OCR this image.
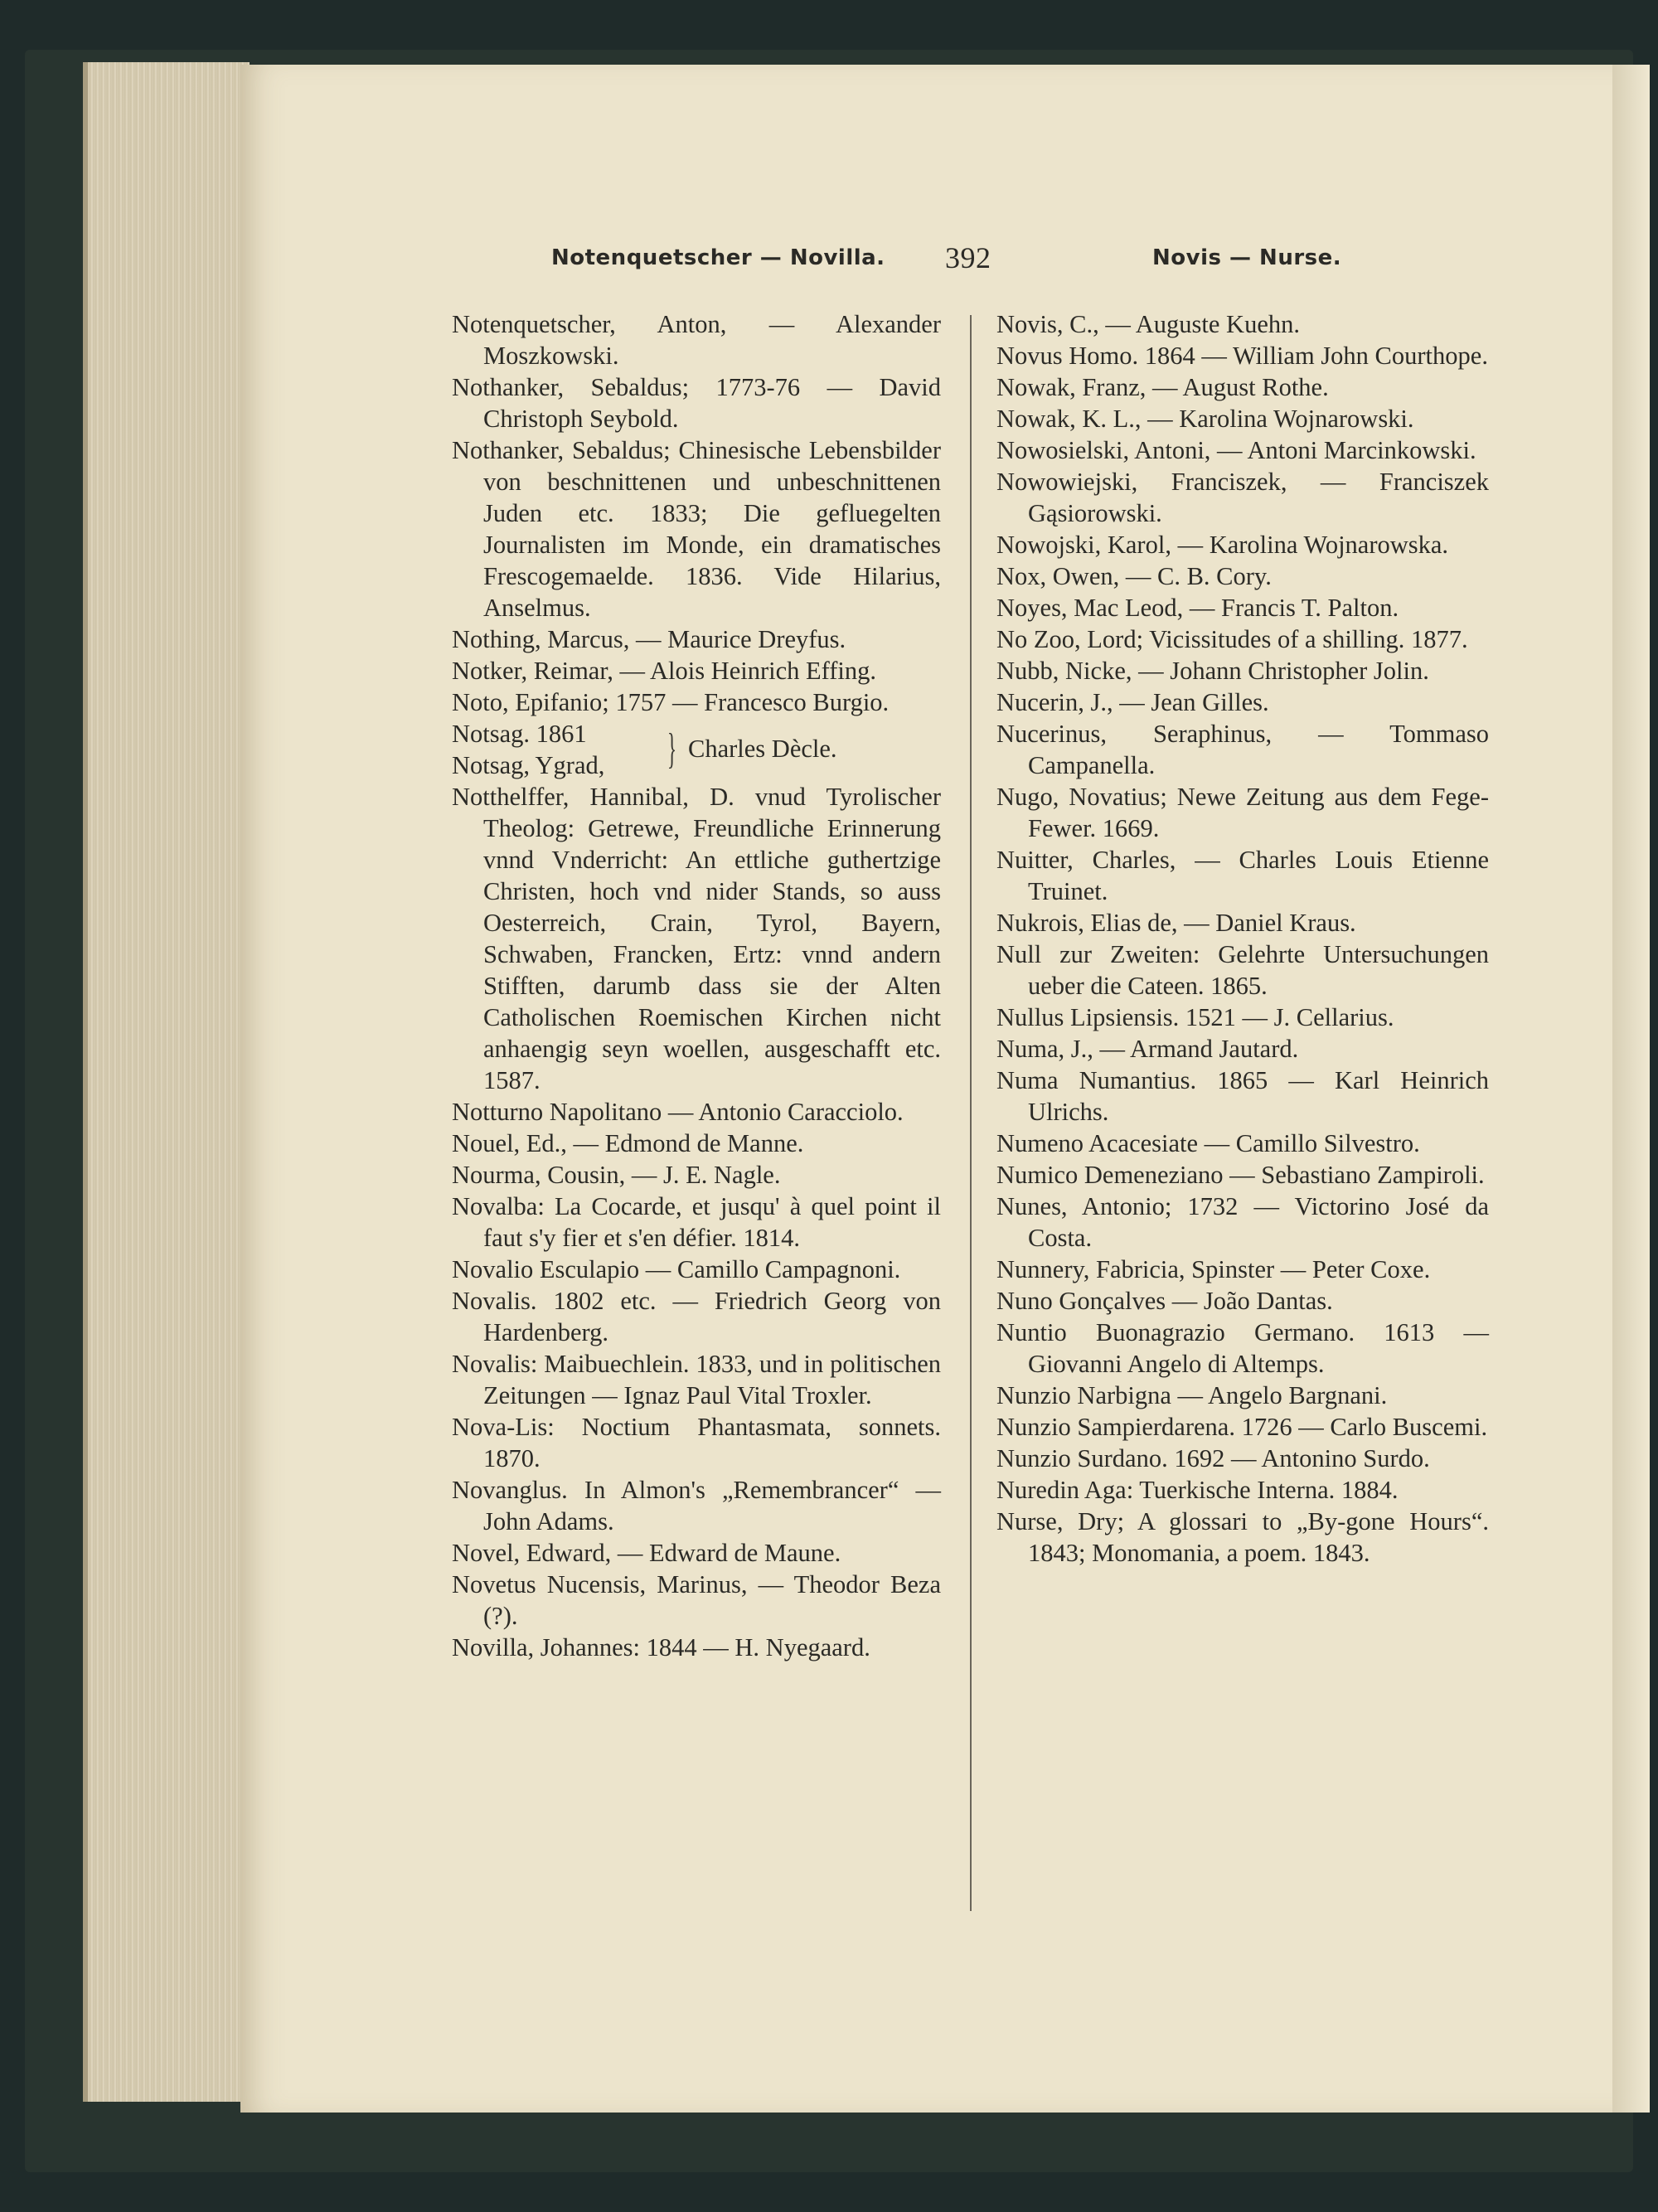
Notenquetscher — Novilla. 392	Novis — Nurse.

Notenquetscher, Anton, — Alexander Moszkowski.

Nothanker, Sebaldus; 1773-76 — David Christoph Seybold.

Nothanker, Sebaldus; Chinesische Lebensbilder von beschnittenen und unbeschnittenen Juden etc. 1833; Die gefluegelten Journalisten im Monde, ein dramatisches Frescogemaelde. 1836. Vide Hilarius, Anselmus.

Nothing, Marcus, — Maurice Dreyfus.

Notker, Reimar, — Alois Heinrich Effing.

Noto, Epifanio; 1757 — Francesco Burgio.

Notsag. 1861
Notsag, Ygrad, } Charles Dècle.

Notthelffer, Hannibal, D. vnud Tyrolischer Theolog: Getrewe, Freundliche Erinnerung vnnd Vnderricht: An ettliche guthertzige Christen, hoch vnd nider Stands, so auss Oesterreich, Crain, Tyrol, Bayern, Schwaben, Francken, Ertz: vnnd andern Stifften, darumb dass sie der Alten Catholischen Roemischen Kirchen nicht anhaengig seyn woellen, ausgeschafft etc. 1587.

Notturno Napolitano — Antonio Caracciolo.

Nouel, Ed., — Edmond de Manne.

Nourma, Cousin, — J. E. Nagle.

Novalba: La Cocarde, et jusqu' à quel point il faut s'y fier et s'en défier. 1814.

Novalio Esculapio — Camillo Campagnoni.

Novalis. 1802 etc. — Friedrich Georg von Hardenberg.

Novalis: Maibuechlein. 1833, und in politischen Zeitungen — Ignaz Paul Vital Troxler.

Nova-Lis: Noctium Phantasmata, sonnets. 1870.

Novanglus. In Almon's „Remembrancer“ — John Adams.

Novel, Edward, — Edward de Maune.

Novetus Nucensis, Marinus, — Theodor Beza (?).

Novilla, Johannes: 1844 — H. Nyegaard.

Novis, C., — Auguste Kuehn.

Novus Homo. 1864 — William John Courthope.

Nowak, Franz, — August Rothe.

Nowak, K. L., — Karolina Wojnarowski.

Nowosielski, Antoni, — Antoni Marcinkowski.

Nowowiejski, Franciszek, — Franciszek Gąsiorowski.

Nowojski, Karol, — Karolina Wojnarowska.

Nox, Owen, — C. B. Cory.

Noyes, Mac Leod, — Francis T. Palton.

No Zoo, Lord; Vicissitudes of a shilling. 1877.

Nubb, Nicke, — Johann Christopher Jolin.

Nucerin, J., — Jean Gilles.

Nucerinus, Seraphinus, — Tommaso Campanella.

Nugo, Novatius; Newe Zeitung aus dem Fege-Fewer. 1669.

Nuitter, Charles, — Charles Louis Etienne Truinet.

Nukrois, Elias de, — Daniel Kraus.

Null zur Zweiten: Gelehrte Untersuchungen ueber die Cateen. 1865.

Nullus Lipsiensis. 1521 — J. Cellarius.

Numa, J., — Armand Jautard.

Numa Numantius. 1865 — Karl Heinrich Ulrichs.

Numeno Acacesiate — Camillo Silvestro.

Numico Demeneziano — Sebastiano Zampiroli.

Nunes, Antonio; 1732 — Victorino José da Costa.

Nunnery, Fabricia, Spinster — Peter Coxe.

Nuno Gonçalves — João Dantas.

Nuntio Buonagrazio Germano. 1613 — Giovanni Angelo di Altemps.

Nunzio Narbigna — Angelo Bargnani.

Nunzio Sampierdarena. 1726 — Carlo Buscemi.

Nunzio Surdano. 1692 — Antonino Surdo.

Nuredin Aga: Tuerkische Interna. 1884.

Nurse, Dry; A glossari to „By-gone Hours“. 1843; Monomania, a poem. 1843.
